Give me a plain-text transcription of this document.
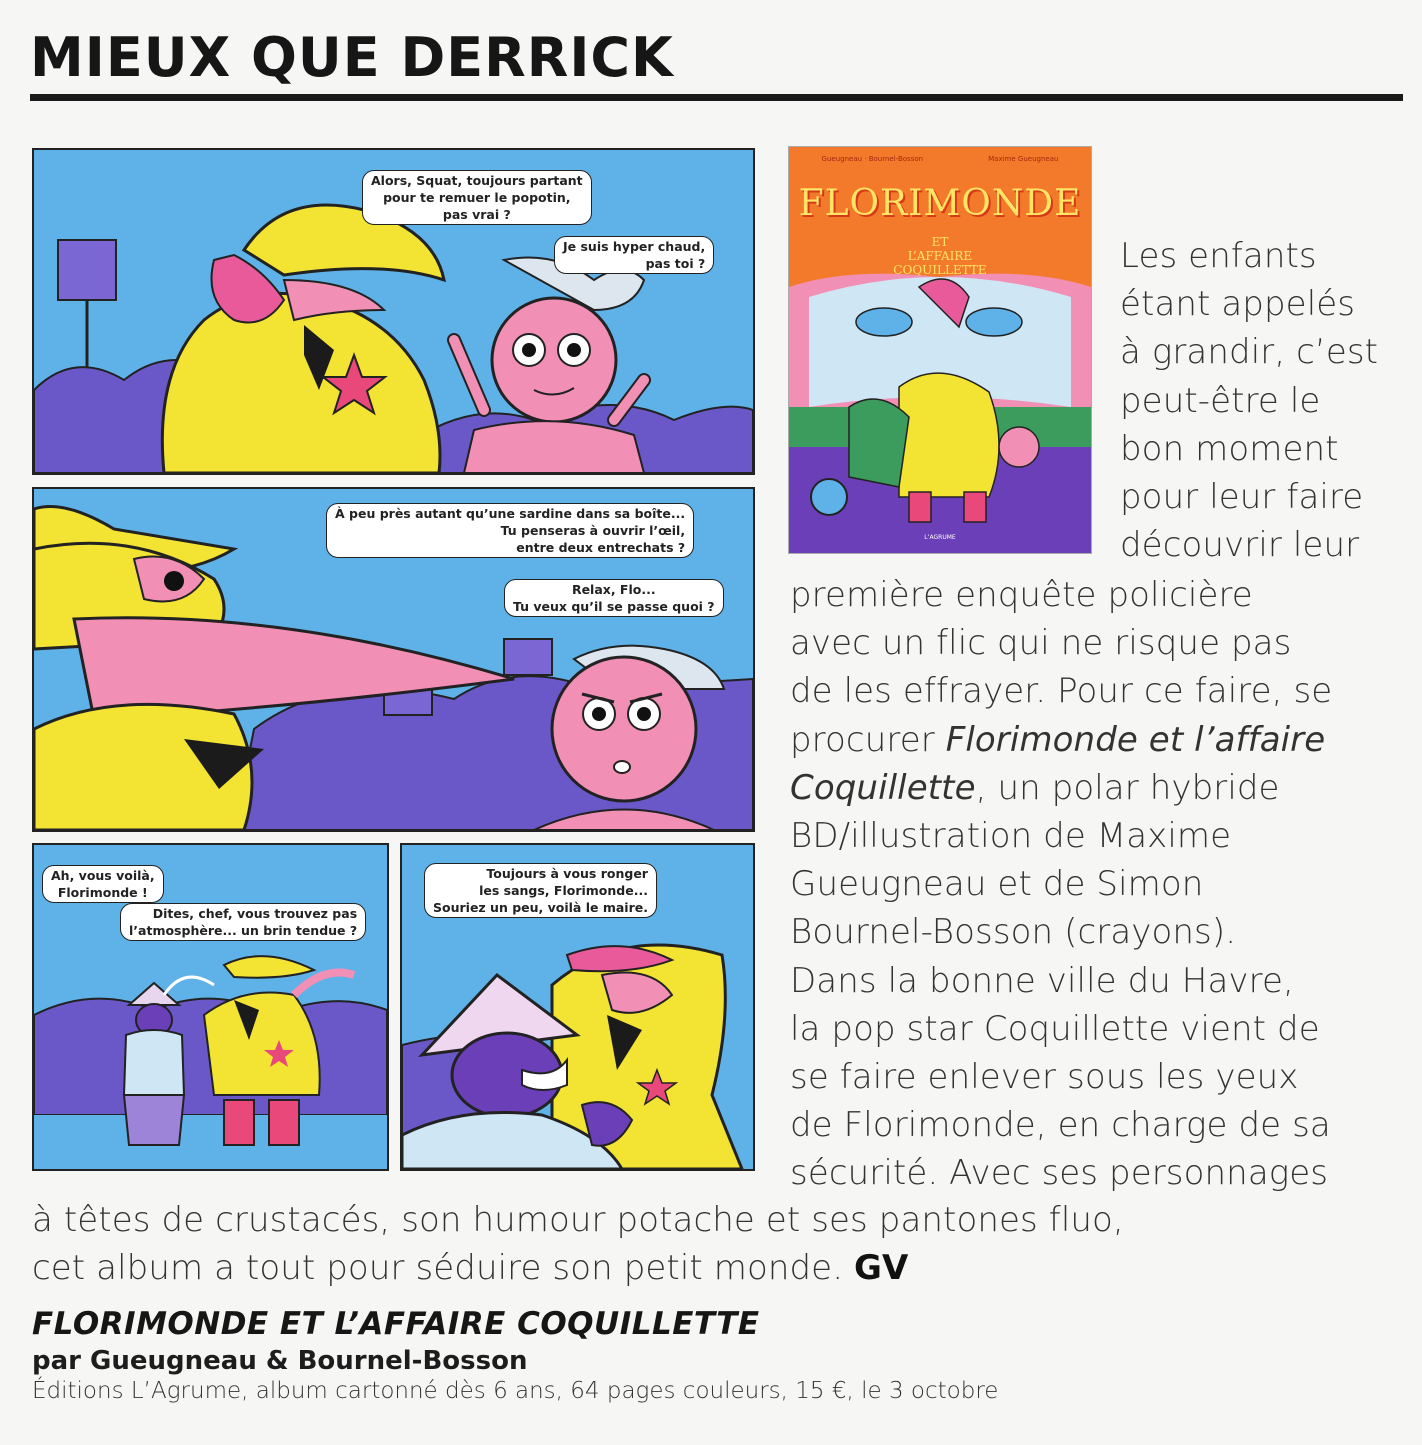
MIEUX QUE DERRICK
Alors, Squat, toujours partant
pour te remuer le popotin,
pas vrai ?
Je suis hyper chaud,
pas toi ?
À peu près autant qu’une sardine dans sa boîte...
Tu penseras à ouvrir l’œil,
entre deux entrechats ?
Relax, Flo...
Tu veux qu’il se passe quoi ?
Ah, vous voilà,
Florimonde !
Dites, chef, vous trouvez pas
l’atmosphère... un brin tendue ?
Toujours à vous ronger
les sangs, Florimonde...
Souriez un peu, voilà le maire.
Gueugneau · Bournel-Bosson	Maxime Gueugneau
FLORIMONDE
ET
L’AFFAIRE
COQUILLETTE
L’AGRUME

Les enfants

étant appelés

à grandir, c’est

peut-être le

bon moment

pour leur faire

découvrir leur

première enquête policière

avec un flic qui ne risque pas

de les effrayer. Pour ce faire, se

procurer Florimonde et l’affaire

Coquillette, un polar hybride

BD/illustration de Maxime

Gueugneau et de Simon

Bournel-Bosson (crayons).

Dans la bonne ville du Havre,

la pop star Coquillette vient de

se faire enlever sous les yeux

de Florimonde, en charge de sa

sécurité. Avec ses personnages

à têtes de crustacés, son humour potache et ses pantones fluo,

cet album a tout pour séduire son petit monde. GV

FLORIMONDE ET L’AFFAIRE COQUILLETTE

par Gueugneau & Bournel-Bosson

Éditions L’Agrume, album cartonné dès 6 ans, 64 pages couleurs, 15 €, le 3 octobre
